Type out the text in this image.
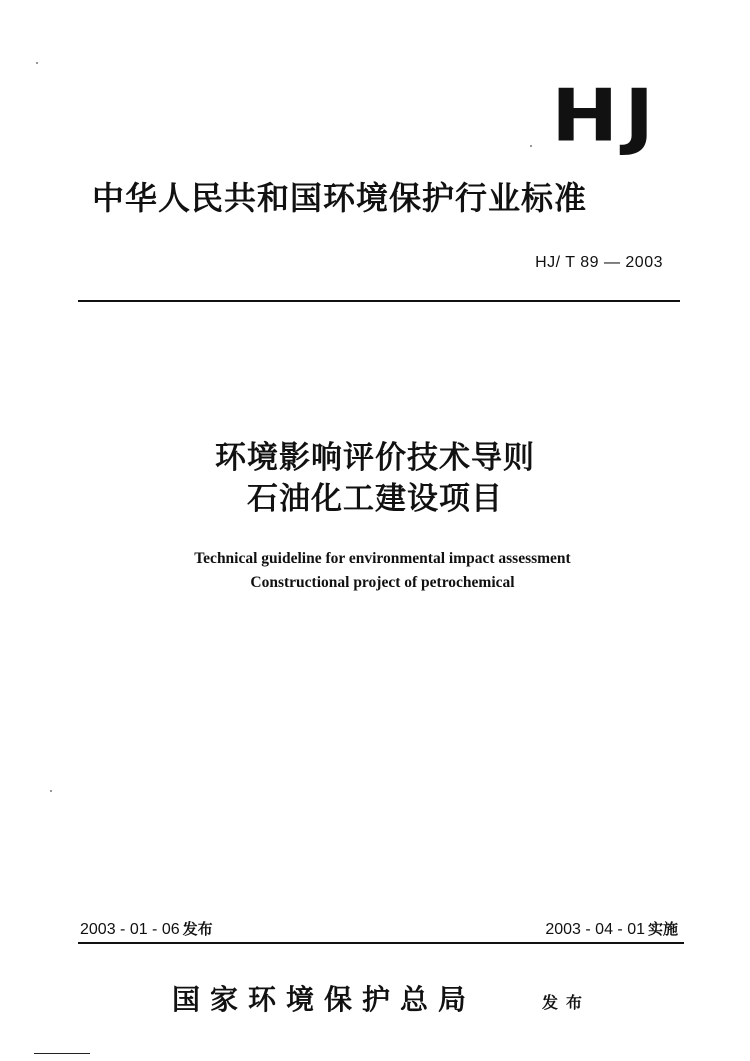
HJ
中华人民共和国环境保护行业标准
HJ/ T 89 — 2003
环境影响评价技术导则
石油化工建设项目
Technical guideline for environmental impact assessment
Constructional project of petrochemical
2003 - 01 - 06 发布	2003 - 04 - 01 实施
国家环境保护总局	发布
